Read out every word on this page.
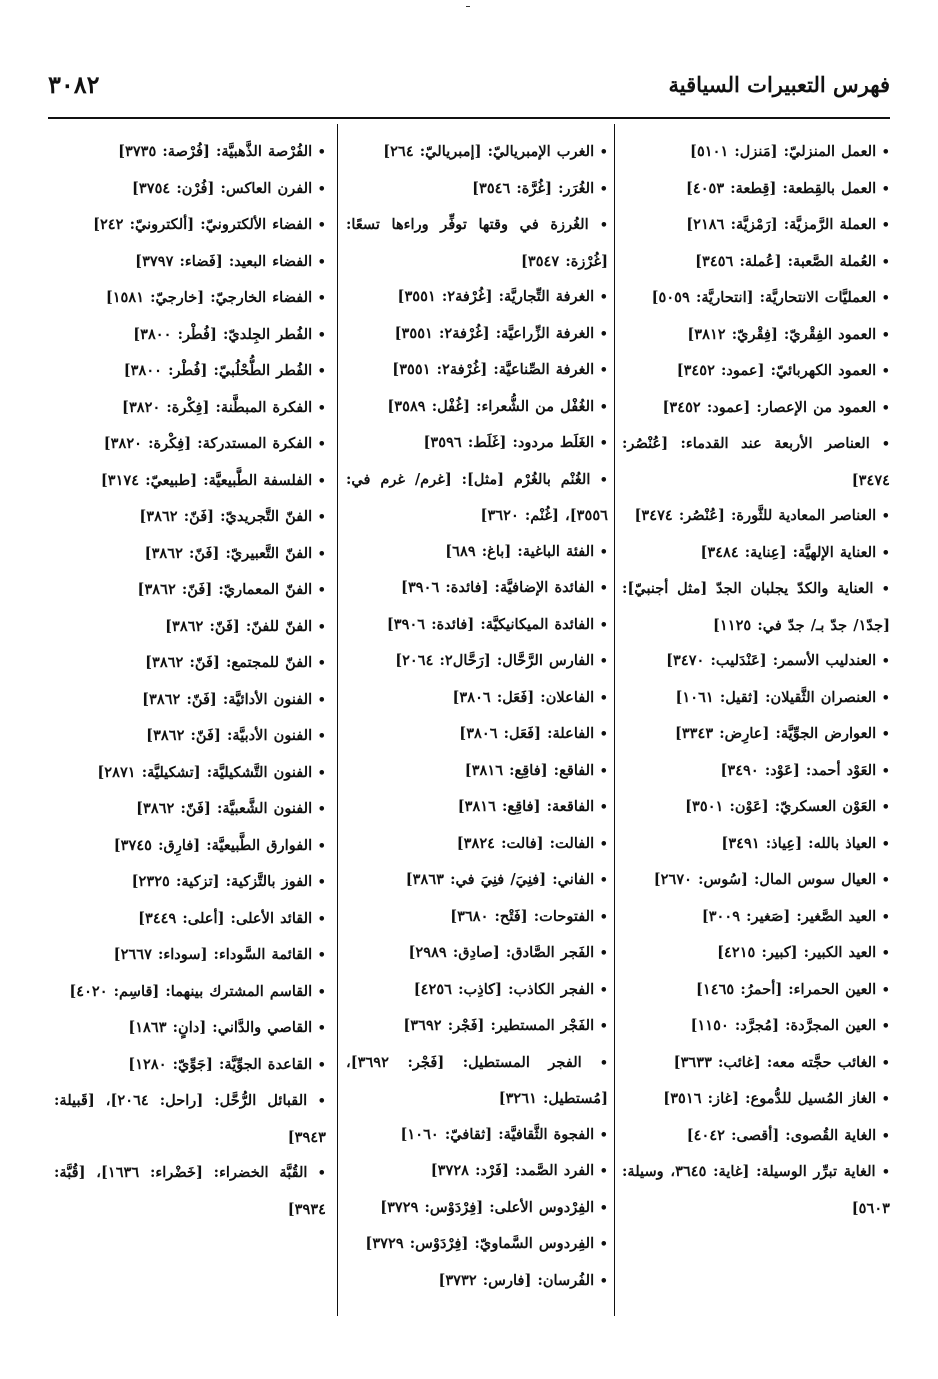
٣٠٨٢	فهرس التعبيرات السياقية
• العمل المنزليّ: [مَنزل: ٥١٠١]
• العمل بالقِطعة: [قِطعة: ٤٠٥٣]
• العملة الرَّمزيَّة: [رَمْزيَّة: ٢١٨٦]
• العُملة الصَّعبة: [عُملة: ٣٤٥٦]
• العمليَّات الانتحاريَّة: [انتحاريَّة: ٥٠٥٩]
• العمود الفِقْريّ: [فِقْريّ: ٣٨١٢]
• العمود الكهربائيّ: [عمود: ٣٤٥٢]
• العمود من الإعصار: [عمود: ٣٤٥٢]
• العناصر الأربعة عند القدماء: [عُنْصُر: ٣٤٧٤]
• العناصر المعادية للثَّورة: [عُنْصُر: ٣٤٧٤]
• العناية الإلهيَّة: [عِناية: ٣٤٨٤]
• العناية والكدّ يجلبان الجدّ [مثل أجنبيّ]: [جدّ١/ جدّ بـ/ جدّ في: ١١٢٥]
• العندليب الأسمر: [عَنْدَليب: ٣٤٧٠]
• العنصران الثَّقيلان: [ثقيل: ١٠٦١]
• العوارض الجوِّيَّة: [عارِض: ٣٣٤٣]
• العَوْد أحمد: [عَوْد: ٣٤٩٠]
• العَوْن العسكريّ: [عَوْن: ٣٥٠١]
• العياذ بالله: [عِياذ: ٣٤٩١]
• العيال سوس المال: [سُوس: ٢٦٧٠]
• العيد الصَّغير: [صَغير: ٣٠٠٩]
• العيد الكبير: [كبير: ٤٢١٥]
• العين الحمراء: [أحمرُ: ١٤٦٥]
• العين المجرَّدة: [مُجرَّد: ١١٥٠]
• الغائب حجَّته معه: [غائب: ٣٦٣٣]
• الغاز المُسيل للدُّموع: [غاز: ٣٥١٦]
• الغاية القُصوى: [أقصى: ٤٠٤٢]
• الغاية تبرِّر الوسيلة: [غاية: ٣٦٤٥، وسيلة: ٥٦٠٣]
• الغرب الإمبرياليّ: [إمبرياليّ: ٢٦٤]
• الغُرَر: [غُرَّة: ٣٥٤٦]
• الغُرزة في وقتها توفِّر وراءها تسعًا: [غُرْزة: ٣٥٤٧]
• الغرفة التِّجاريَّة: [غُرْفة٢: ٣٥٥١]
• الغرفة الزِّراعيَّة: [غُرْفة٢: ٣٥٥١]
• الغرفة الصِّناعيَّة: [غُرْفة٢: ٣٥٥١]
• الغُفْل من الشُّعراء: [غُفْل: ٣٥٨٩]
• الغَلَط مردود: [غَلَط: ٣٥٩٦]
• الغُنْم بالغُرْم [مثل]: [غرم/ غرم في: ٣٥٥٦]، [غُنْم: ٣٦٢٠]
• الفئة الباغية: [باغ: ٦٨٩]
• الفائدة الإضافيَّة: [فائدة: ٣٩٠٦]
• الفائدة الميكانيكيَّة: [فائدة: ٣٩٠٦]
• الفارس الرَّحَّال: [رَحَّال٢: ٢٠٦٤]
• الفاعلان: [فَعَل: ٣٨٠٦]
• الفاعلة: [فَعَل: ٣٨٠٦]
• الفاقع: [فاقِع: ٣٨١٦]
• الفاقعة: [فاقِع: ٣٨١٦]
• الفالت: [فالت: ٣٨٢٤]
• الفاني: [فنِيَ/ فنِيَ في: ٣٨٦٣]
• الفتوحات: [فَتْح: ٣٦٨٠]
• الفَجر الصَّادق: [صادِق: ٢٩٨٩]
• الفجر الكاذب: [كاذِب: ٤٢٥٦]
• الفَجْر المستطير: [فَجْر: ٣٦٩٢]
• الفجر المستطيل: [فَجْر: ٣٦٩٢]، [مُستطيل: ٣٢٦١]
• الفجوة الثَّقافيَّة: [ثقافيّ: ١٠٦٠]
• الفرد الصَّمد: [فَرْد: ٣٧٢٨]
• الفِرْدوس الأعلى: [فِرْدَوْس: ٣٧٢٩]
• الفِردوس السَّماويّ: [فِرْدَوْس: ٣٧٢٩]
• الفُرسان: [فارس: ٣٧٣٢]
• الفُرْصة الذَّهبيَّة: [فُرْصة: ٣٧٣٥]
• الفرن العاكس: [فُرْن: ٣٧٥٤]
• الفضاء الألكترونيّ: [ألكترونيّ: ٢٤٢]
• الفضاء البعيد: [فَضاء: ٣٧٩٧]
• الفضاء الخارجيّ: [خارجيّ: ١٥٨١]
• الفُطر الجِلديّ: [فُطْر: ٣٨٠٠]
• الفُطر الطُّحْلُبيّ: [فُطْر: ٣٨٠٠]
• الفكرة المبطَّنة: [فِكْرة: ٣٨٢٠]
• الفكرة المستدركة: [فِكْرة: ٣٨٢٠]
• الفلسفة الطَّبيعيَّة: [طبيعيّ: ٣١٧٤]
• الفنّ التَّجريديّ: [فَنّ: ٣٨٦٢]
• الفنّ التَّعبيريّ: [فَنّ: ٣٨٦٢]
• الفنّ المعماريّ: [فَنّ: ٣٨٦٢]
• الفنّ للفنّ: [فَنّ: ٣٨٦٢]
• الفنّ للمجتمع: [فَنّ: ٣٨٦٢]
• الفنون الأدائيَّة: [فَنّ: ٣٨٦٢]
• الفنون الأدبيَّة: [فَنّ: ٣٨٦٢]
• الفنون التَّشكيليَّة: [تشكيليَّة: ٢٨٧١]
• الفنون الشَّعبيَّة: [فَنّ: ٣٨٦٢]
• الفوارق الطَّبيعيَّة: [فارِق: ٣٧٤٥]
• الفوز بالتَّزكية: [تزكية: ٢٣٢٥]
• القائد الأعلى: [أعلى: ٣٤٤٩]
• القائمة السَّوداء: [سوداء: ٢٦٦٧]
• القاسم المشترك بينهما: [قاسِم: ٤٠٢٠]
• القاصي والدَّاني: [دانٍ: ١٨٦٣]
• القاعدة الجوِّيَّة: [جَوِّيّ: ١٢٨٠]
• القبائل الرُّحَّل: [راحل: ٢٠٦٤]، [قَبيلة: ٣٩٤٣]
• القُبَّة الخضراء: [خَضْراء: ١٦٣٦]، [قُبَّة: ٣٩٣٤]
